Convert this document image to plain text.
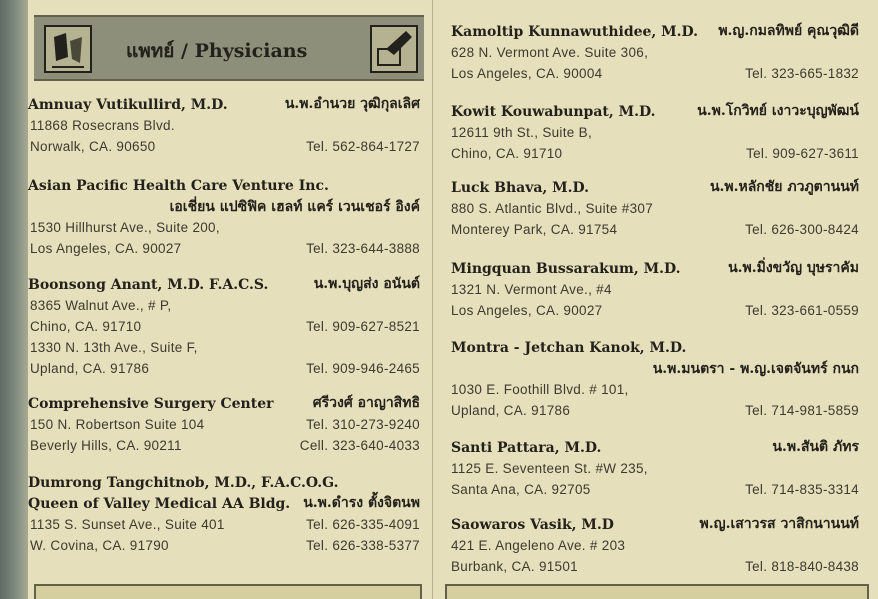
แพทย์ / Physicians
Amnuay Vutikullird, M.D.	น.พ.อำนวย วุฒิกุลเลิศ
11868 Rosecrans Blvd.
Norwalk, CA. 90650	Tel. 562-864-1727
Asian Pacific Health Care Venture Inc.
เอเชี่ยน แปซิฟิค เฮลท์ แคร์ เวนเชอร์ อิงค์
1530 Hillhurst Ave., Suite 200,
Los Angeles, CA. 90027	Tel. 323-644-3888
Boonsong Anant, M.D. F.A.C.S.	น.พ.บุญส่ง อนันต์
8365 Walnut Ave., # P,
Chino, CA. 91710	Tel. 909-627-8521
1330 N. 13th Ave., Suite F,
Upland, CA. 91786	Tel. 909-946-2465
Comprehensive Surgery Center	ศรีวงศ์ อาญาสิทธิ
150 N. Robertson Suite 104	Tel. 310-273-9240
Beverly Hills, CA. 90211	Cell. 323-640-4033
Dumrong Tangchitnob, M.D., F.A.C.O.G.
Queen of Valley Medical AA Bldg. น.พ.ดำรง ตั้งจิตนพ
1135 S. Sunset Ave., Suite 401	Tel. 626-335-4091
W. Covina, CA. 91790	Tel. 626-338-5377
Kamoltip Kunnawuthidee, M.D. พ.ญ.กมลทิพย์ คุณวุฒิดี
628 N. Vermont Ave. Suite 306,
Los Angeles, CA. 90004	Tel. 323-665-1832
Kowit Kouwabunpat, M.D.	น.พ.โกวิทย์ เงาวะบุญพัฒน์
12611 9th St., Suite B,
Chino, CA. 91710	Tel. 909-627-3611
Luck Bhava, M.D.	น.พ.หลักชัย ภวภูตานนท์
880 S. Atlantic Blvd., Suite #307
Monterey Park, CA. 91754	Tel. 626-300-8424
Mingquan Bussarakum, M.D.	น.พ.มิ่งขวัญ บุษราคัม
1321 N. Vermont Ave., #4
Los Angeles, CA. 90027	Tel. 323-661-0559
Montra - Jetchan Kanok, M.D.
น.พ.มนตรา - พ.ญ.เจตจันทร์ กนก
1030 E. Foothill Blvd. # 101,
Upland, CA. 91786	Tel. 714-981-5859
Santi Pattara, M.D.	น.พ.สันติ ภัทร
1125 E. Seventeen St. #W 235,
Santa Ana, CA. 92705	Tel. 714-835-3314
Saowaros Vasik, M.D	พ.ญ.เสาวรส วาสิกนานนท์
421 E. Angeleno Ave. # 203
Burbank, CA. 91501	Tel. 818-840-8438
